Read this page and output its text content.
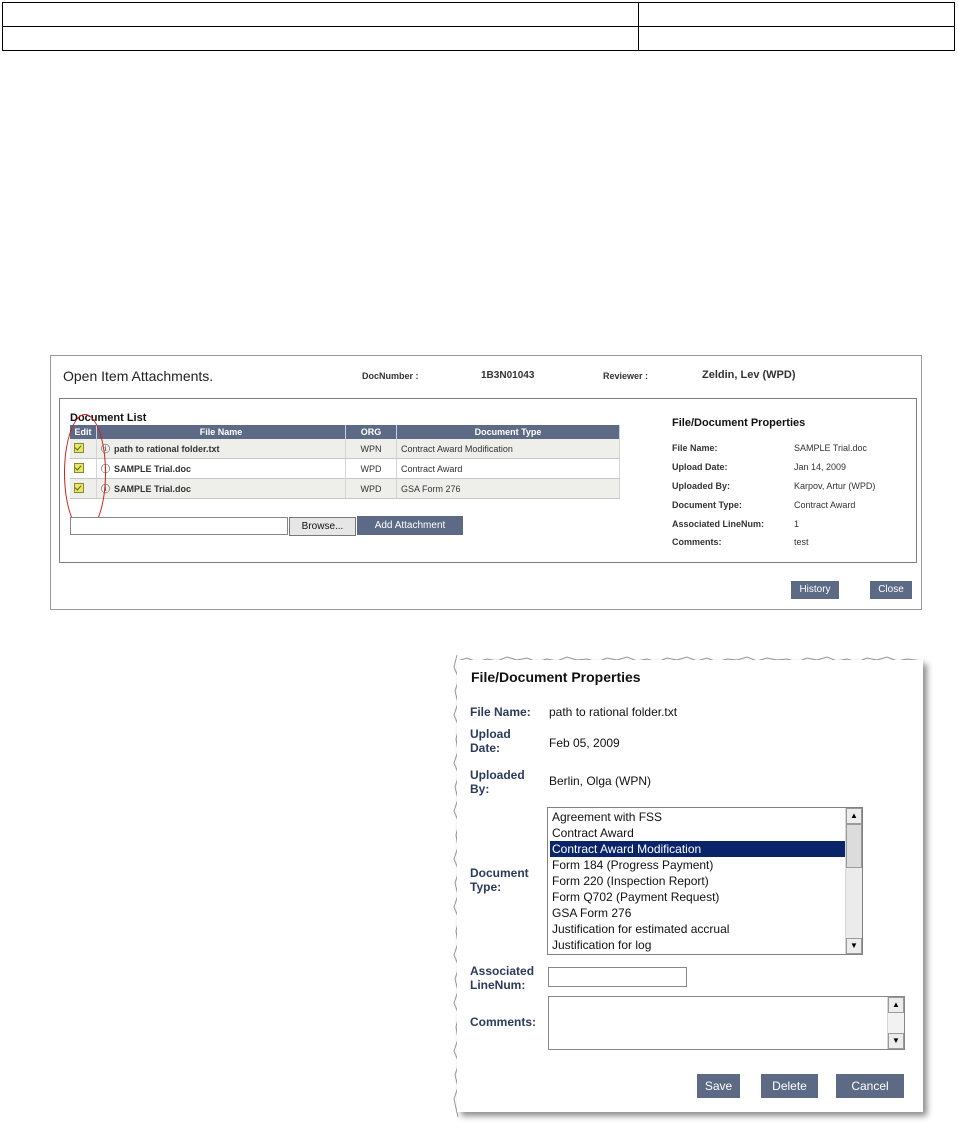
Open Item Attachments.	DocNumber :	1B3N01043	Reviewer :	Zeldin, Lev (WPD)
Document List
Edit	File Name	ORG	Document Type
	ⓘ path to rational folder.txt	WPN	Contract Award Modification
	ⓘ SAMPLE Trial.doc	WPD	Contract Award
	ⓘ SAMPLE Trial.doc	WPD	GSA Form 276
Browse...	Add Attachment
File/Document Properties
File Name:	SAMPLE Trial.doc
Upload Date:	Jan 14, 2009
Uploaded By:	Karpov, Artur (WPD)
Document Type:	Contract Award
Associated LineNum:	1
Comments:	test
History	Close
File/Document Properties
File Name: path to rational folder.txt
Upload
Date:	Feb 05, 2009
Uploaded
By:
Berlin, Olga (WPN)
Document
Type:
Agreement with FSS
Contract Award
Contract Award Modification
Form 184 (Progress Payment)
Form 220 (Inspection Report)
Form Q702 (Payment Request)
GSA Form 276
Justification for estimated accrual
Justification for log
▲
▼
Associated
LineNum:
Comments:
▲
▼
Save	Delete	Cancel
